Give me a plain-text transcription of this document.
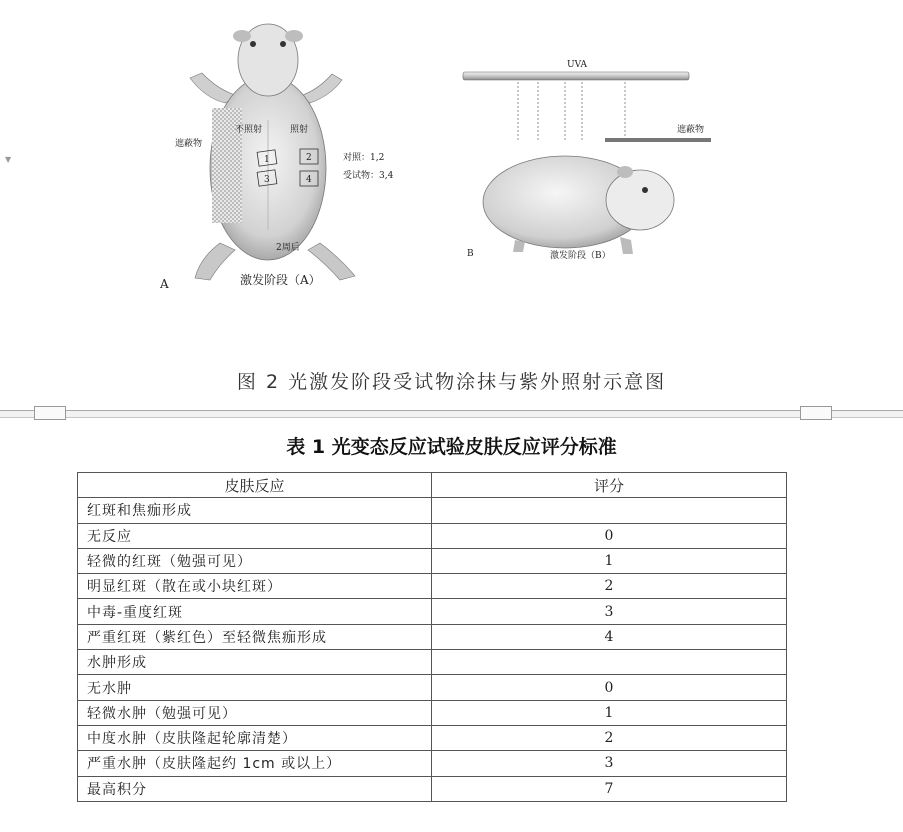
▼	1
3
2
4
遮蔽物
不照射	照射
对照：1,2
受试物：3,4
2周后
A	激发阶段（A）
UVA
遮蔽物
B	激发阶段（B）
图 2 光激发阶段受试物涂抹与紫外照射示意图
表 1 光变态反应试验皮肤反应评分标准
皮肤反应	评分
红斑和焦痂形成	
无反应	0
轻微的红斑（勉强可见）	1
明显红斑（散在或小块红斑）	2
中毒-重度红斑	3
严重红斑（紫红色）至轻微焦痂形成	4
水肿形成	
无水肿	0
轻微水肿（勉强可见）	1
中度水肿（皮肤隆起轮廓清楚）	2
严重水肿（皮肤隆起约 1cm 或以上）	3
最高积分	7
